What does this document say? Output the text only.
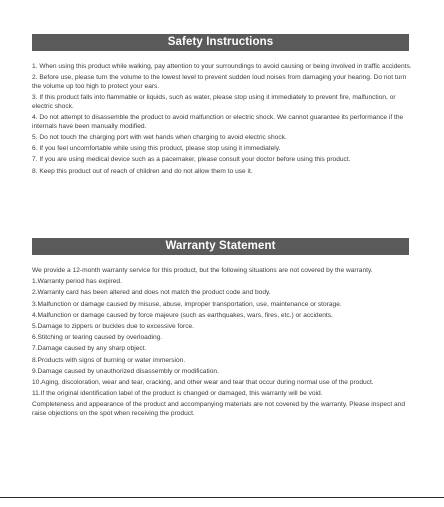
Safety Instructions

1. When using this product while walking, pay attention to your surroundings to avoid causing or being involved in traffic accidents.

2. Before use, please turn the volume to the lowest level to prevent sudden loud noises from damaging your hearing. Do not turn the volume up too high to protect your ears.

3. If this product falls into flammable or liquids, such as water, please stop using it immediately to prevent fire, malfunction, or electric shock.

4. Do not attempt to disassemble the product to avoid malfunction or electric shock. We cannot guarantee its performance if the internals have been manually modified.

5. Do not touch the charging port with wet hands when charging to avoid electric shock.

6. If you feel uncomfortable while using this product, please stop using it immediately.

7. If you are using medical device such as a pacemaker, please consult your doctor before using this product.

8. Keep this product out of reach of children and do not allow them to use it.

Warranty Statement

We provide a 12-month warranty service for this product, but the following situations are not covered by the warranty.

1.Warranty period has expired.

2.Warranty card has been altered and does not match the product code and body.

3.Malfunction or damage caused by misuse, abuse, improper transportation, use, maintenance or storage.

4.Malfunction or damage caused by force majeure (such as earthquakes, wars, fires, etc.) or accidents.

5.Damage to zippers or buckles due to excessive force.

6.Stitching or tearing caused by overloading.

7.Damage caused by any sharp object.

8.Products with signs of burning or water immersion.

9.Damage caused by unauthorized disassembly or modification.

10.Aging, discoloration, wear and tear, cracking, and other wear and tear that occur during normal use of the product.

11.If the original identification label of the product is changed or damaged, this warranty will be void.

Completeness and appearance of the product and accompanying materials are not covered by the warranty. Please inspect and raise objections on the spot when receiving the product.
